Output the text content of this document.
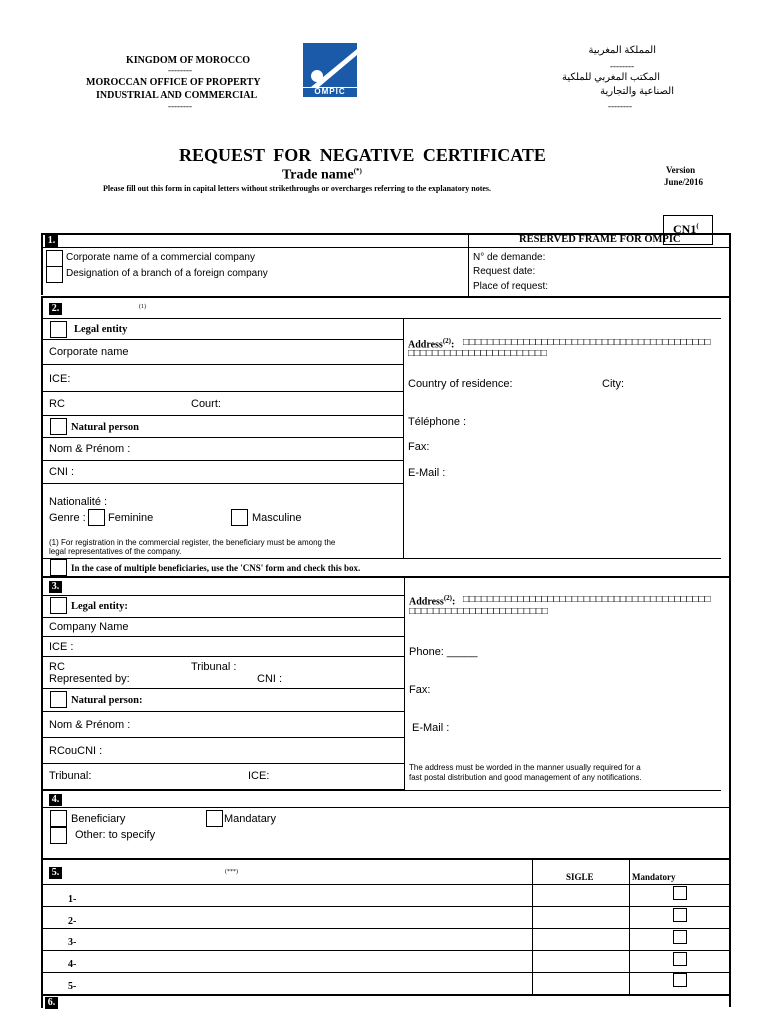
KINGDOM OF MOROCCO
--------
MOROCCAN OFFICE OF PROPERTY
INDUSTRIAL AND COMMERCIAL
--------
OMPIC
المملكة المغربية
--------
المكتب المغربي للملكية
الصناعية والتجارية
--------
REQUEST FOR NEGATIVE CERTIFICATE
Trade name(*)
Please fill out this form in capital letters without strikethroughs or overcharges referring to the explanatory notes.
Version
June/2016
CN1(
1.	RESERVED FRAME FOR OMPIC
Corporate name of a commercial company
Designation of a branch of a foreign company
N° de demande:
Request date:
Place of request:
2.	(1)
Legal entity
Corporate name
ICE:
RC	Court:
Natural person
Nom & Prénom :
CNI :
Nationalité :
Genre : Feminine	Masculine
(1) For registration in the commercial register, the beneficiary must be among the
legal representatives of the company.
Address$^{(2)}$: □□□□□□□□□□□□□□□□□□□□□□□□□□□□□□□□□□□□□□□□□
□□□□□□□□□□□□□□□□□□□□□□□
Country of residence:	City:
Téléphone :
Fax:
E-Mail :
In the case of multiple beneficiaries, use the 'CNS' form and check this box.
3.
Legal entity:
Company Name
ICE :
RC	Tribunal :
Represented by:	CNI :
Natural person:
Nom & Prénom :
RCouCNI :
Tribunal:	ICE:
Address$^{(2)}$: □□□□□□□□□□□□□□□□□□□□□□□□□□□□□□□□□□□□□□□□□
□□□□□□□□□□□□□□□□□□□□□□□
Phone: _____
Fax:
E-Mail :
The address must be worded in the manner usually required for a
fast postal distribution and good management of any notifications.
4.
Beneficiary	Mandatary
Other: to specify
5.	(***)	SIGLE	Mandatory
1-
2-
3-
4-
5-
6.
